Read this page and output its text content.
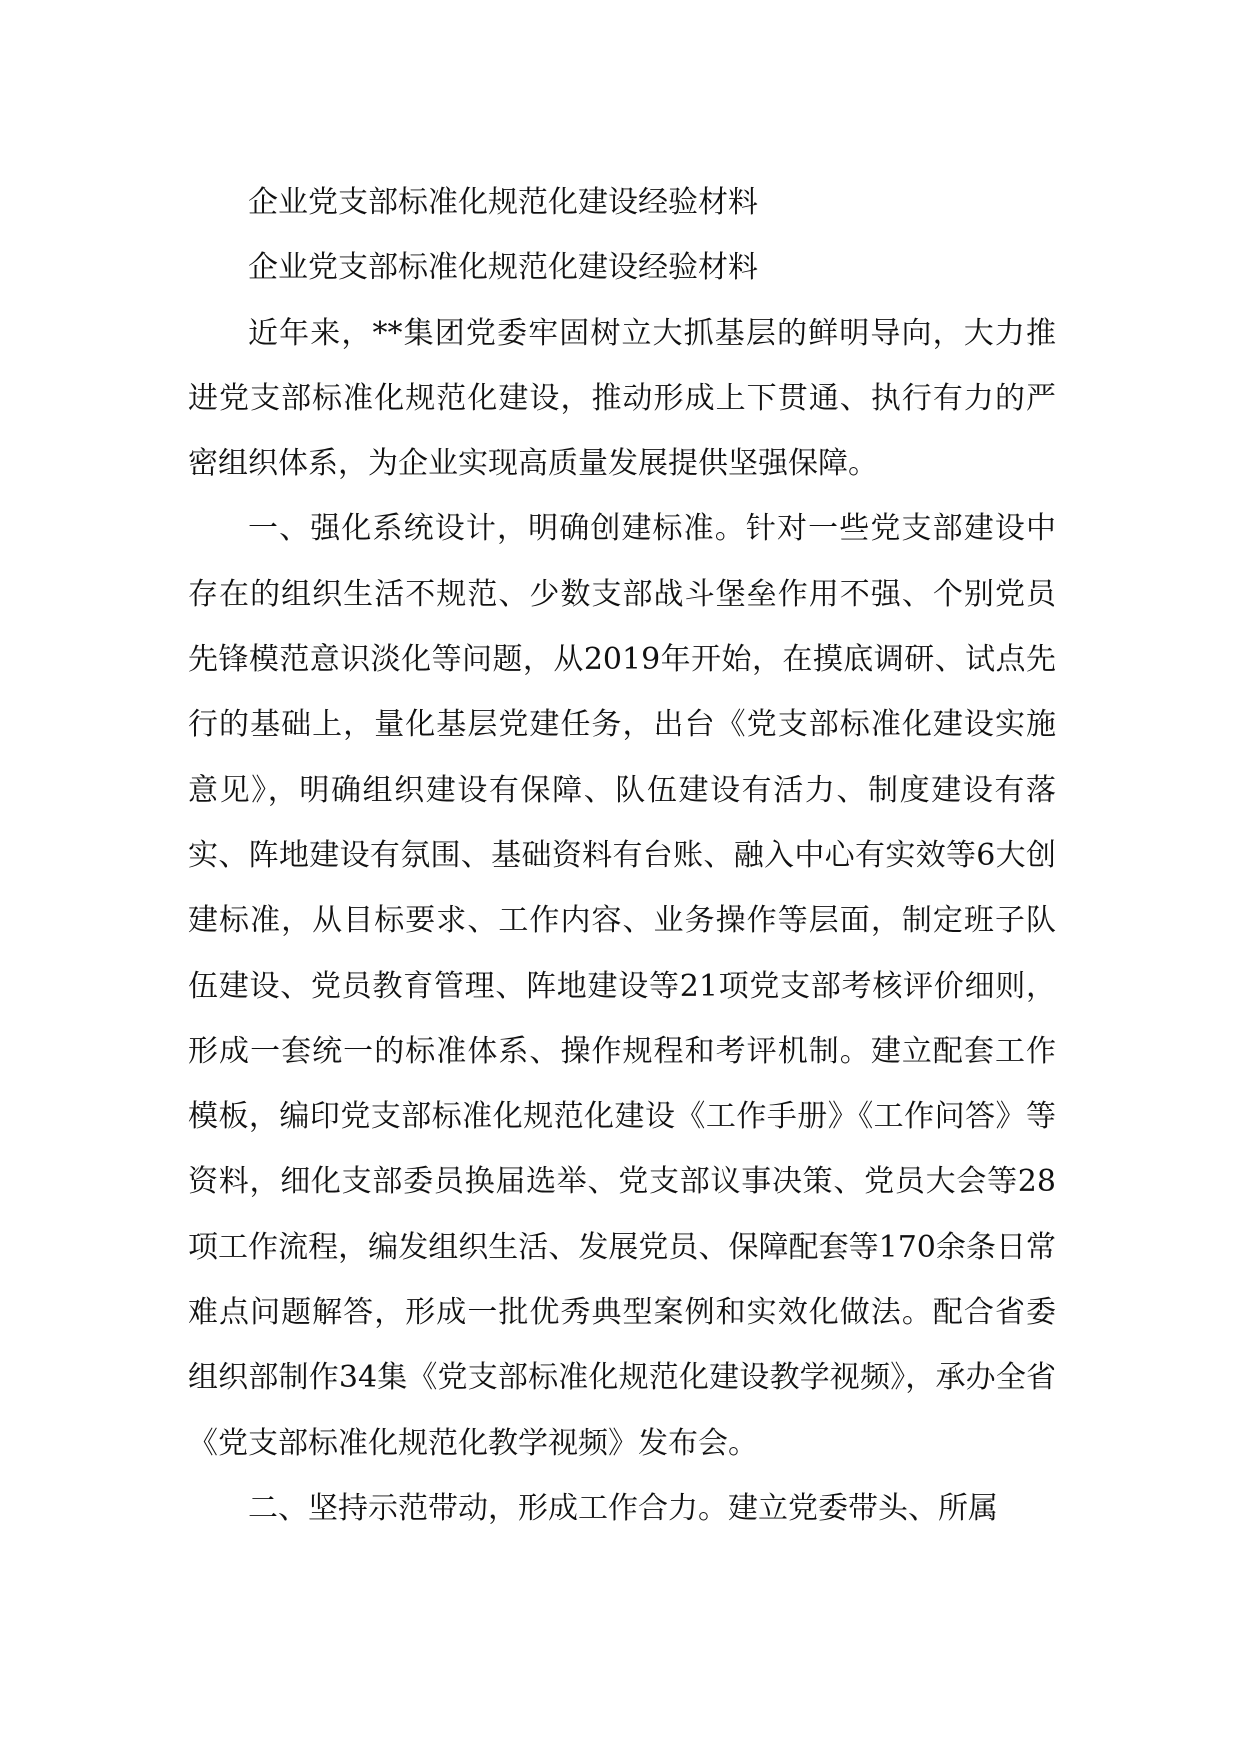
企业党支部标准化规范化建设经验材料

企业党支部标准化规范化建设经验材料

近年来，**集团党委牢固树立大抓基层的鲜明导向，大力推进党支部标准化规范化建设，推动形成上下贯通、执行有力的严密组织体系，为企业实现高质量发展提供坚强保障。

一、强化系统设计，明确创建标准。针对一些党支部建设中存在的组织生活不规范、少数支部战斗堡垒作用不强、个别党员先锋模范意识淡化等问题，从2019年开始，在摸底调研、试点先行的基础上，量化基层党建任务，出台《党支部标准化建设实施意见》，明确组织建设有保障、队伍建设有活力、制度建设有落实、阵地建设有氛围、基础资料有台账、融入中心有实效等6大创建标准，从目标要求、工作内容、业务操作等层面，制定班子队伍建设、党员教育管理、阵地建设等21项党支部考核评价细则，形成一套统一的标准体系、操作规程和考评机制。建立配套工作模板，编印党支部标准化规范化建设《工作手册》《工作问答》等资料，细化支部委员换届选举、党支部议事决策、党员大会等28项工作流程，编发组织生活、发展党员、保障配套等170余条日常难点问题解答，形成一批优秀典型案例和实效化做法。配合省委组织部制作34集《党支部标准化规范化建设教学视频》，承办全省《党支部标准化规范化教学视频》发布会。

二、坚持示范带动，形成工作合力。建立党委带头、所属
